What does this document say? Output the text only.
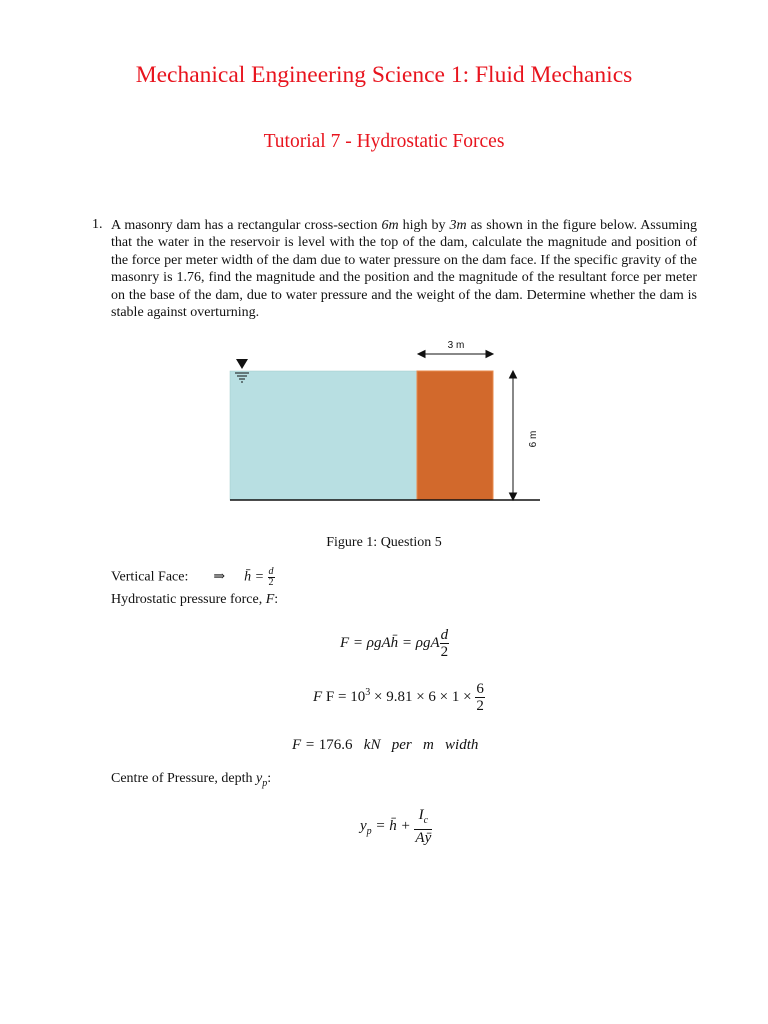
Mechanical Engineering Science 1: Fluid Mechanics
Tutorial 7 - Hydrostatic Forces
1. A masonry dam has a rectangular cross-section 6m high by 3m as shown in the figure below. Assuming that the water in the reservoir is level with the top of the dam, calculate the magnitude and position of the force per meter width of the dam due to water pressure on the dam face. If the specific gravity of the masonry is 1.76, find the magnitude and the position and the magnitude of the resultant force per meter on the base of the dam, due to water pressure and the weight of the dam. Determine whether the dam is stable against overturning.
3 m
6 m
Figure 1: Question 5
Vertical Face: ⇒ h̄ = $\frac{d}{2}$
Hydrostatic pressure force, F:
F = ρgAh̄ = ρgA $\frac{d}{2}$
F $F = 10^3 \times 9.81 \times 6 \times 1 \times \frac{6}{2}$
F = 176.6 kN   per   m   width
Centre of Pressure, depth $y_p$:
$y_p$ = h̄ + $\frac{I_c}{Aȳ}$
